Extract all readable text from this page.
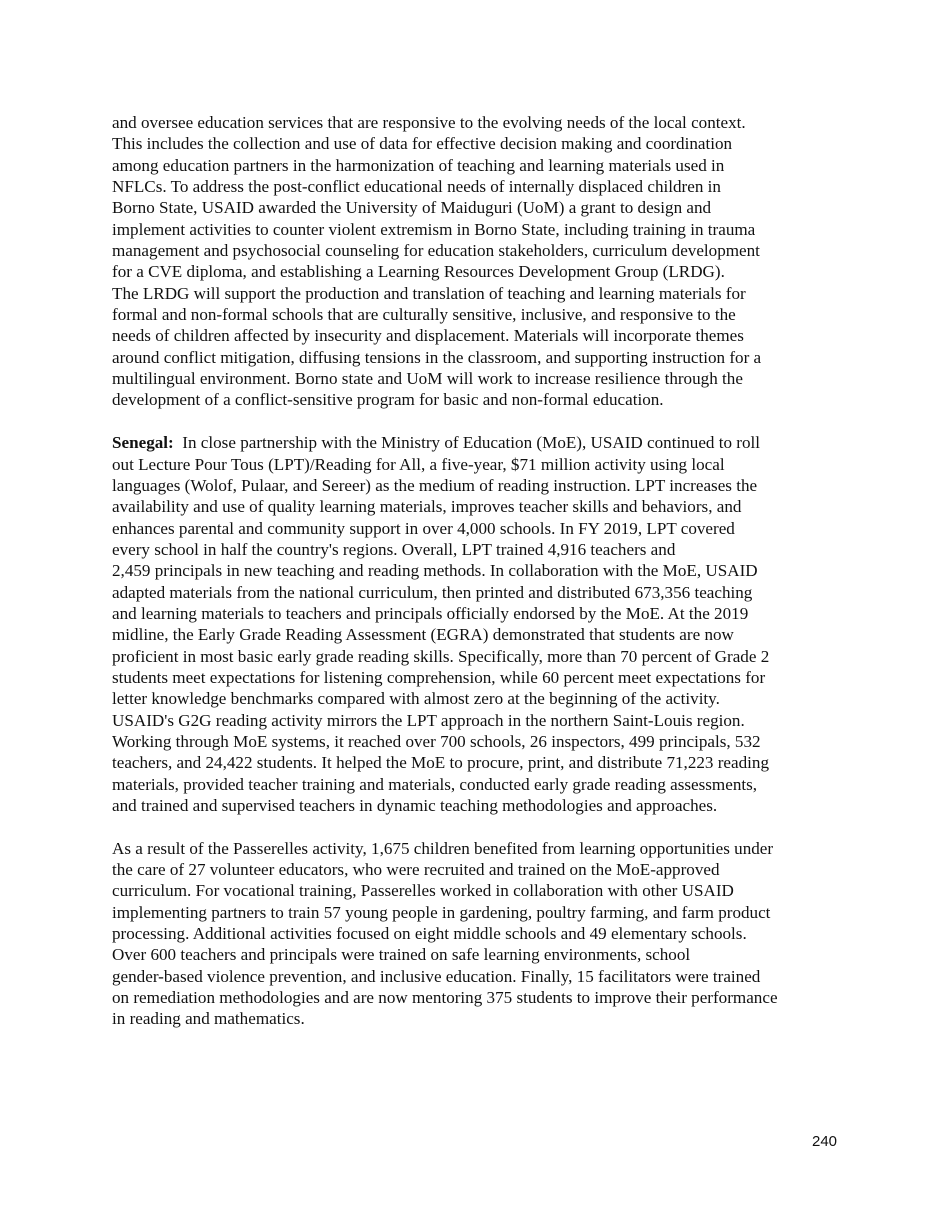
and oversee education services that are responsive to the evolving needs of the local context.
This includes the collection and use of data for effective decision making and coordination
among education partners in the harmonization of teaching and learning materials used in
NFLCs. To address the post-conflict educational needs of internally displaced children in
Borno State, USAID awarded the University of Maiduguri (UoM) a grant to design and
implement activities to counter violent extremism in Borno State, including training in trauma
management and psychosocial counseling for education stakeholders, curriculum development
for a CVE diploma, and establishing a Learning Resources Development Group (LRDG).
The LRDG will support the production and translation of teaching and learning materials for
formal and non-formal schools that are culturally sensitive, inclusive, and responsive to the
needs of children affected by insecurity and displacement. Materials will incorporate themes
around conflict mitigation, diffusing tensions in the classroom, and supporting instruction for a
multilingual environment. Borno state and UoM will work to increase resilience through the
development of a conflict-sensitive program for basic and non-formal education.

Senegal:  In close partnership with the Ministry of Education (MoE), USAID continued to roll
out Lecture Pour Tous (LPT)/Reading for All, a five-year, $71 million activity using local
languages (Wolof, Pulaar, and Sereer) as the medium of reading instruction. LPT increases the
availability and use of quality learning materials, improves teacher skills and behaviors, and
enhances parental and community support in over 4,000 schools. In FY 2019, LPT covered
every school in half the country's regions. Overall, LPT trained 4,916 teachers and
2,459 principals in new teaching and reading methods. In collaboration with the MoE, USAID
adapted materials from the national curriculum, then printed and distributed 673,356 teaching
and learning materials to teachers and principals officially endorsed by the MoE. At the 2019
midline, the Early Grade Reading Assessment (EGRA) demonstrated that students are now
proficient in most basic early grade reading skills. Specifically, more than 70 percent of Grade 2
students meet expectations for listening comprehension, while 60 percent meet expectations for
letter knowledge benchmarks compared with almost zero at the beginning of the activity.
USAID's G2G reading activity mirrors the LPT approach in the northern Saint-Louis region.
Working through MoE systems, it reached over 700 schools, 26 inspectors, 499 principals, 532
teachers, and 24,422 students. It helped the MoE to procure, print, and distribute 71,223 reading
materials, provided teacher training and materials, conducted early grade reading assessments,
and trained and supervised teachers in dynamic teaching methodologies and approaches.

As a result of the Passerelles activity, 1,675 children benefited from learning opportunities under
the care of 27 volunteer educators, who were recruited and trained on the MoE-approved
curriculum. For vocational training, Passerelles worked in collaboration with other USAID
implementing partners to train 57 young people in gardening, poultry farming, and farm product
processing. Additional activities focused on eight middle schools and 49 elementary schools.
Over 600 teachers and principals were trained on safe learning environments, school
gender-based violence prevention, and inclusive education. Finally, 15 facilitators were trained
on remediation methodologies and are now mentoring 375 students to improve their performance
in reading and mathematics.

240
